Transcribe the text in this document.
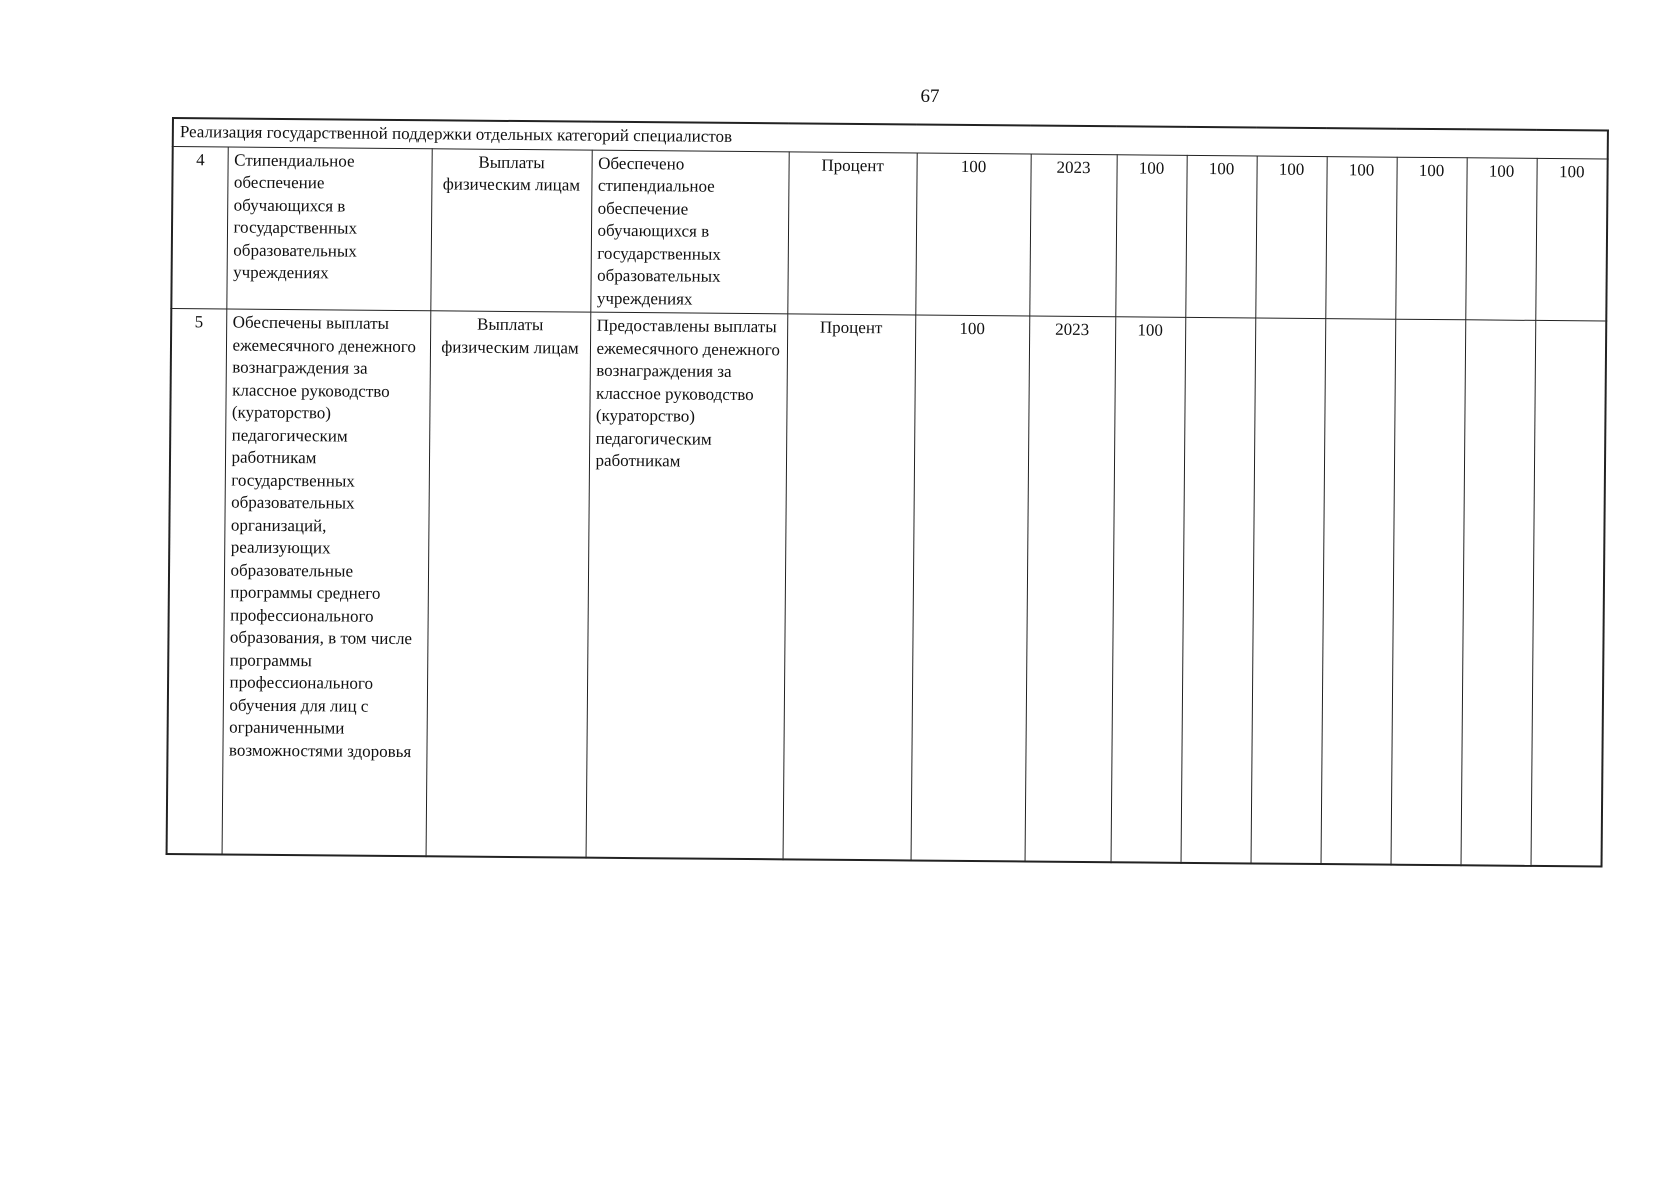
67
Реализация государственной поддержки отдельных категорий специалистов													
4	Стипендиальное обеспечение обучающихся в государственных образовательных учреждениях	Выплаты физическим лицам	Обеспечено стипендиальное обеспечение обучающихся в государственных образовательных учреждениях	Процент	100	2023	100	100	100	100	100	100	100
5	Обеспечены выплаты ежемесячного денежного вознаграждения за классное руководство (кураторство) педагогическим работникам государственных образовательных организаций, реализующих образовательные программы среднего профессионального образования, в том числе программы профессионального обучения для лиц с ограниченными возможностями здоровья	Выплаты физическим лицам	Предоставлены выплаты ежемесячного денежного вознаграждения за классное руководство (кураторство) педагогическим работникам	Процент	100	2023	100						
